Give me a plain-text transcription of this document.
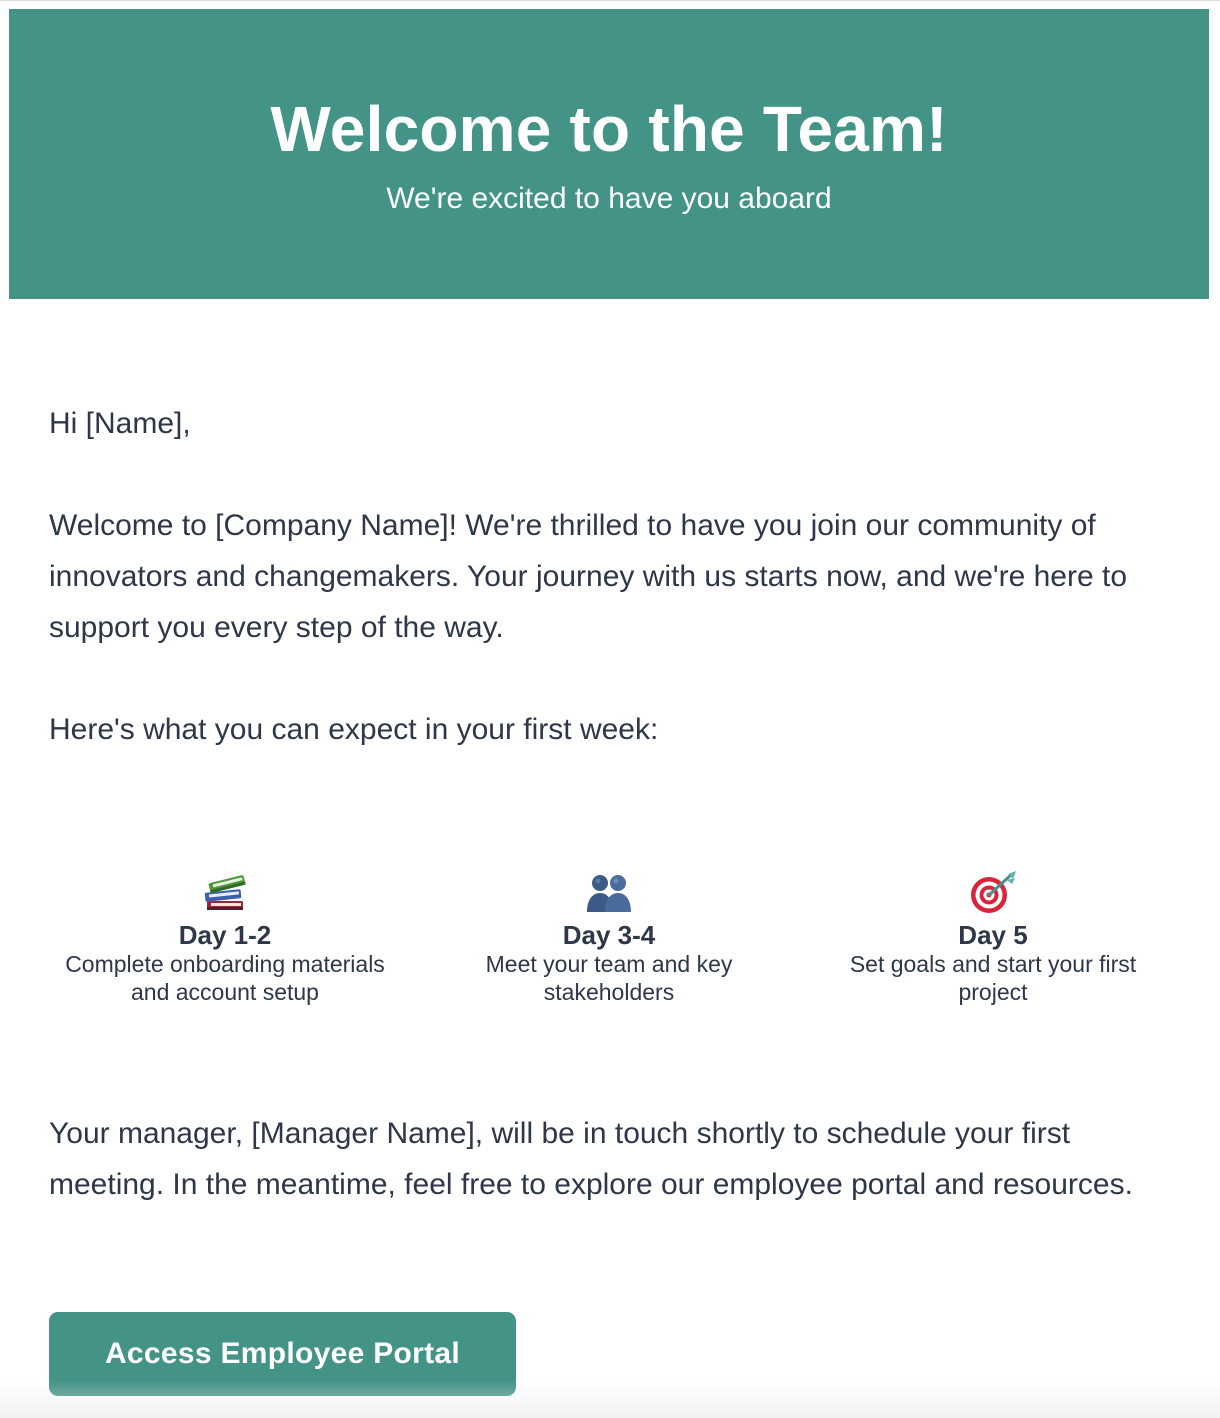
Welcome to the Team!

We're excited to have you aboard

Hi [Name],

Welcome to [Company Name]! We're thrilled to have you join our community of innovators and changemakers. Your journey with us starts now, and we're here to support you every step of the way.

Here's what you can expect in your first week:

Day 1-2

Complete onboarding materials and account setup

Day 3-4

Meet your team and key stakeholders

Day 5

Set goals and start your first project

Your manager, [Manager Name], will be in touch shortly to schedule your first meeting. In the meantime, feel free to explore our employee portal and resources.

Access Employee Portal
